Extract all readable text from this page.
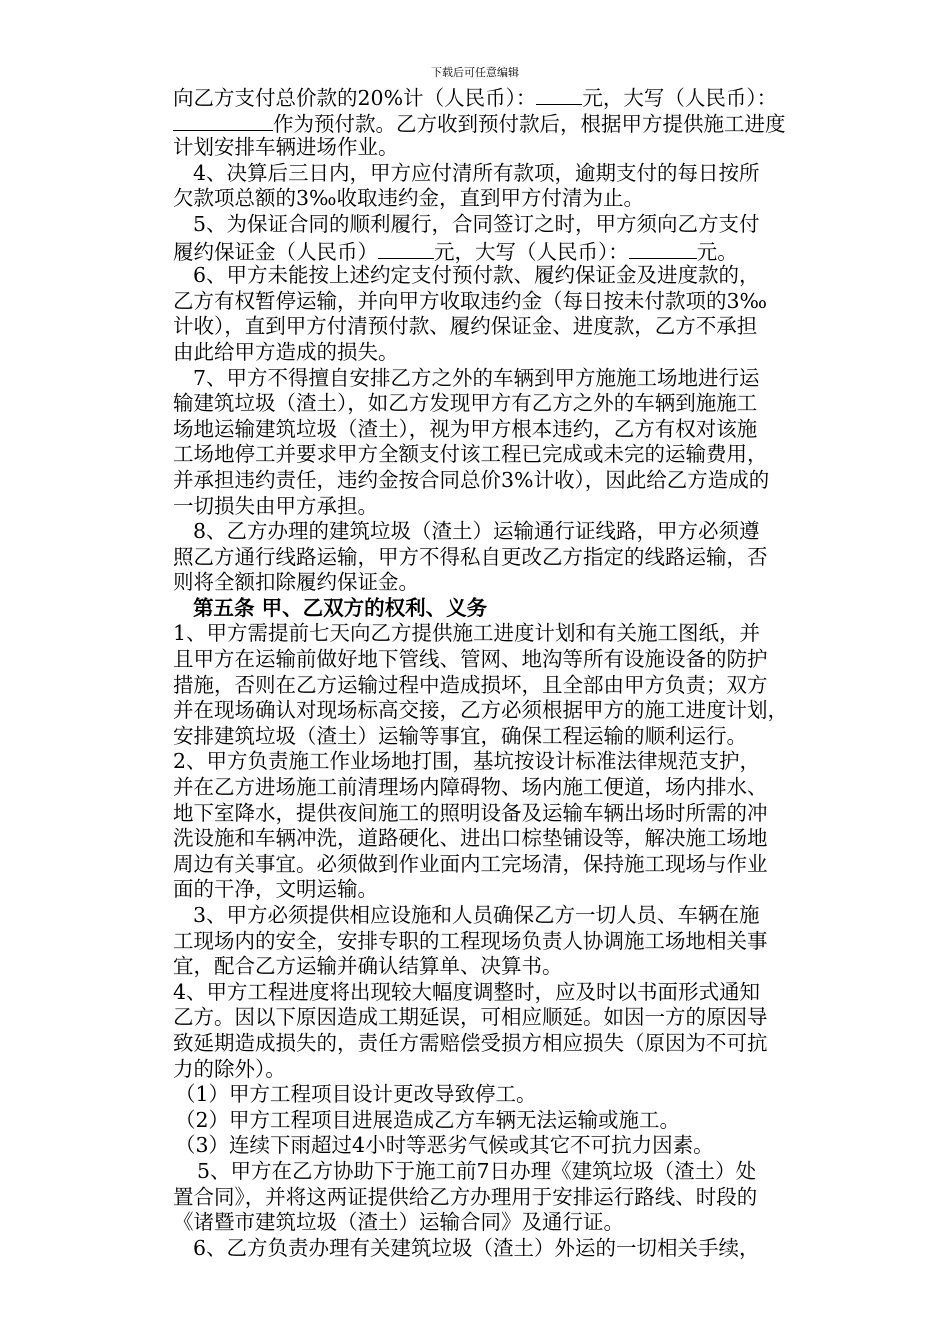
下载后可任意编辑
向乙方支付总价款的20%计（人民币）： 元，大写（人民币）：
作为预付款。乙方收到预付款后，根据甲方提供施工进度
计划安排车辆进场作业。
4、决算后三日内，甲方应付清所有款项，逾期支付的每日按所
欠款项总额的3‰收取违约金，直到甲方付清为止。
5、为保证合同的顺利履行，合同签订之时，甲方须向乙方支付
履约保证金（人民币）	元，大写（人民币）：	元。
6、甲方未能按上述约定支付预付款、履约保证金及进度款的，
乙方有权暂停运输，并向甲方收取违约金（每日按未付款项的3‰
计收），直到甲方付清预付款、履约保证金、进度款，乙方不承担
由此给甲方造成的损失。
7、甲方不得擅自安排乙方之外的车辆到甲方施施工场地进行运
输建筑垃圾（渣土），如乙方发现甲方有乙方之外的车辆到施施工
场地运输建筑垃圾（渣土），视为甲方根本违约，乙方有权对该施
工场地停工并要求甲方全额支付该工程已完成或未完的运输费用，
并承担违约责任，违约金按合同总价3%计收），因此给乙方造成的
一切损失由甲方承担。
8、乙方办理的建筑垃圾（渣土）运输通行证线路，甲方必须遵
照乙方通行线路运输，甲方不得私自更改乙方指定的线路运输，否
则将全额扣除履约保证金。
第五条 甲、乙双方的权利、义务
1、甲方需提前七天向乙方提供施工进度计划和有关施工图纸，并
且甲方在运输前做好地下管线、管网、地沟等所有设施设备的防护
措施，否则在乙方运输过程中造成损坏，且全部由甲方负责；双方
并在现场确认对现场标高交接，乙方必须根据甲方的施工进度计划，
安排建筑垃圾（渣土）运输等事宜，确保工程运输的顺利运行。
2、甲方负责施工作业场地打围，基坑按设计标准法律规范支护，
并在乙方进场施工前清理场内障碍物、场内施工便道，场内排水、
地下室降水，提供夜间施工的照明设备及运输车辆出场时所需的冲
洗设施和车辆冲洗，道路硬化、进出口棕垫铺设等，解决施工场地
周边有关事宜。必须做到作业面内工完场清，保持施工现场与作业
面的干净，文明运输。
3、甲方必须提供相应设施和人员确保乙方一切人员、车辆在施
工现场内的安全，安排专职的工程现场负责人协调施工场地相关事
宜，配合乙方运输并确认结算单、决算书。
4、甲方工程进度将出现较大幅度调整时，应及时以书面形式通知
乙方。因以下原因造成工期延误，可相应顺延。如因一方的原因导
致延期造成损失的，责任方需赔偿受损方相应损失（原因为不可抗
力的除外）。
（1）甲方工程项目设计更改导致停工。
（2）甲方工程项目进展造成乙方车辆无法运输或施工。
（3）连续下雨超过4小时等恶劣气候或其它不可抗力因素。
5、甲方在乙方协助下于施工前7日办理《建筑垃圾（渣土）处
置合同》，并将这两证提供给乙方办理用于安排运行路线、时段的
《诸暨市建筑垃圾（渣土）运输合同》及通行证。
6、乙方负责办理有关建筑垃圾（渣土）外运的一切相关手续，
